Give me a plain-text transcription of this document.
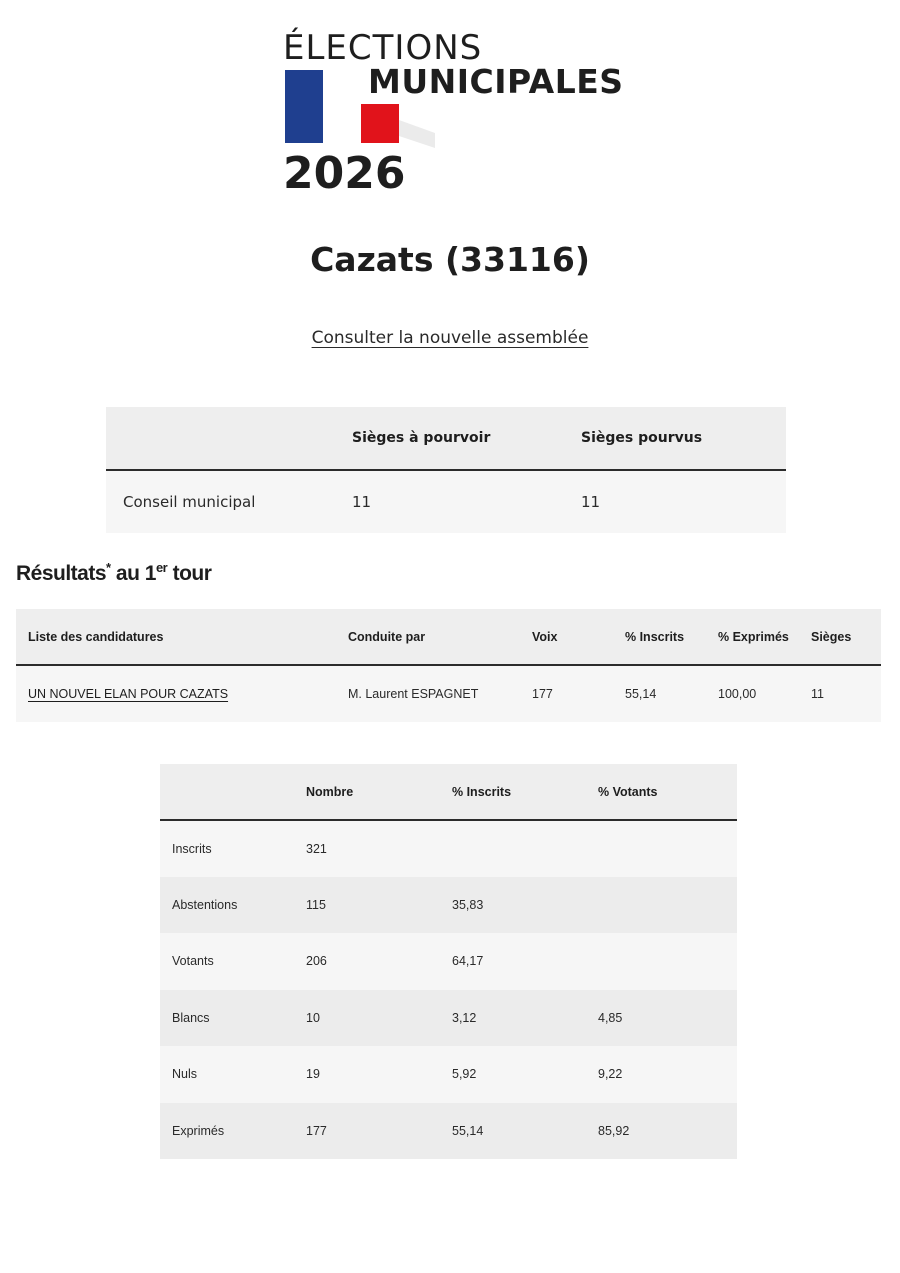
ÉLECTIONS
MUNICIPALES
2026
Cazats (33116)
Consulter la nouvelle assemblée
	Sièges à pourvoir	Sièges pourvus
Conseil municipal	11	11
Résultats* au 1er tour
Liste des candidatures	Conduite par	Voix	% Inscrits	% Exprimés	Sièges
UN NOUVEL ELAN POUR CAZATS	M. Laurent ESPAGNET	177	55,14	100,00	11
	Nombre	% Inscrits	% Votants
Inscrits	321		
Abstentions	115	35,83	
Votants	206	64,17	
Blancs	10	3,12	4,85
Nuls	19	5,92	9,22
Exprimés	177	55,14	85,92
